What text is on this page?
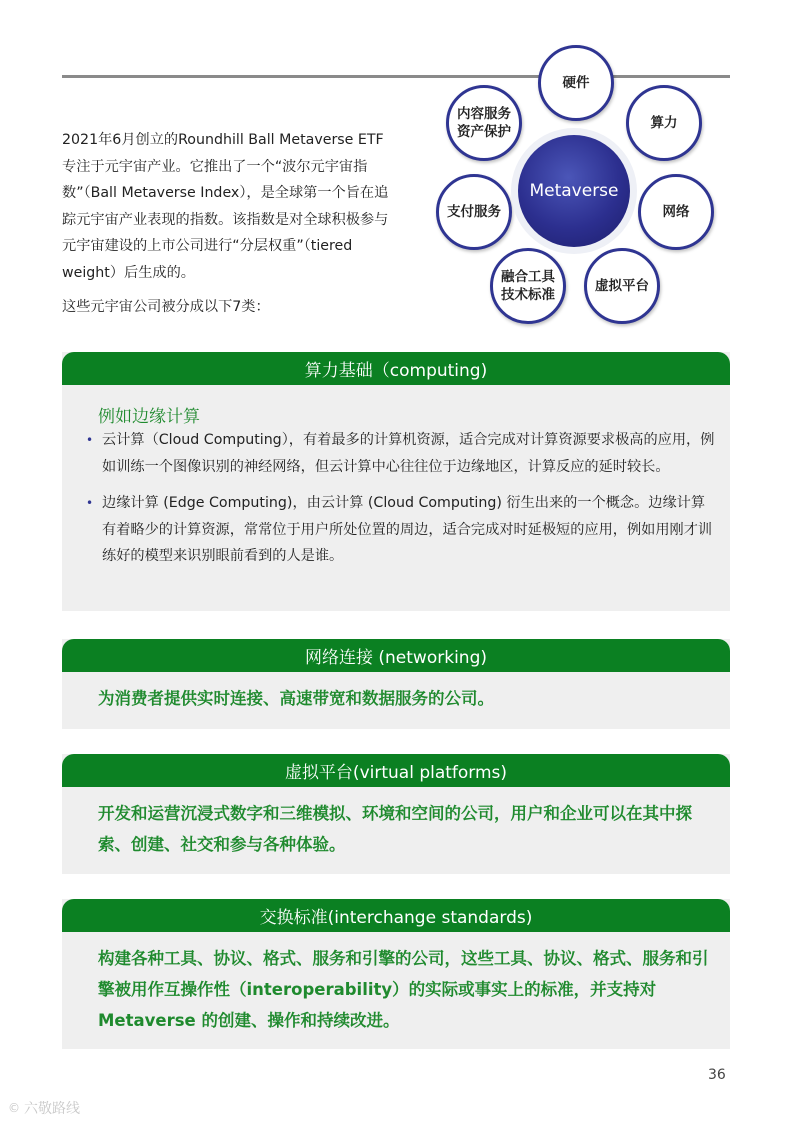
2021年6月创立的Roundhill Ball Metaverse ETF专注于元宇宙产业。它推出了一个“波尔元宇宙指数”（Ball Metaverse Index），是全球第一个旨在追踪元宇宙产业表现的指数。该指数是对全球积极参与元宇宙建设的上市公司进行“分层权重”（tiered weight）后生成的。

这些元宇宙公司被分成以下7类：

硬件
算力
网络
虚拟平台
融合工具
技术标准
支付服务
内容服务
资产保护
Metaverse
算力基础（computing)
例如边缘计算
• 云计算（Cloud Computing），有着最多的计算机资源，适合完成对计算资源要求极高的应用，例如训练一个图像识别的神经网络，但云计算中心往往位于边缘地区，计算反应的延时较长。
• 边缘计算 (Edge Computing)，由云计算 (Cloud Computing) 衍生出来的一个概念。边缘计算有着略少的计算资源，常常位于用户所处位置的周边，适合完成对时延极短的应用，例如用刚才训练好的模型来识别眼前看到的人是谁。
网络连接 (networking)
为消费者提供实时连接、高速带宽和数据服务的公司。
虚拟平台(virtual platforms)
开发和运营沉浸式数字和三维模拟、环境和空间的公司，用户和企业可以在其中探索、创建、社交和参与各种体验。
交换标准(interchange standards)
构建各种工具、协议、格式、服务和引擎的公司，这些工具、协议、格式、服务和引擎被用作互操作性（interoperability）的实际或事实上的标准，并支持对 Metaverse 的创建、操作和持续改进。
36
© 六敬路线
